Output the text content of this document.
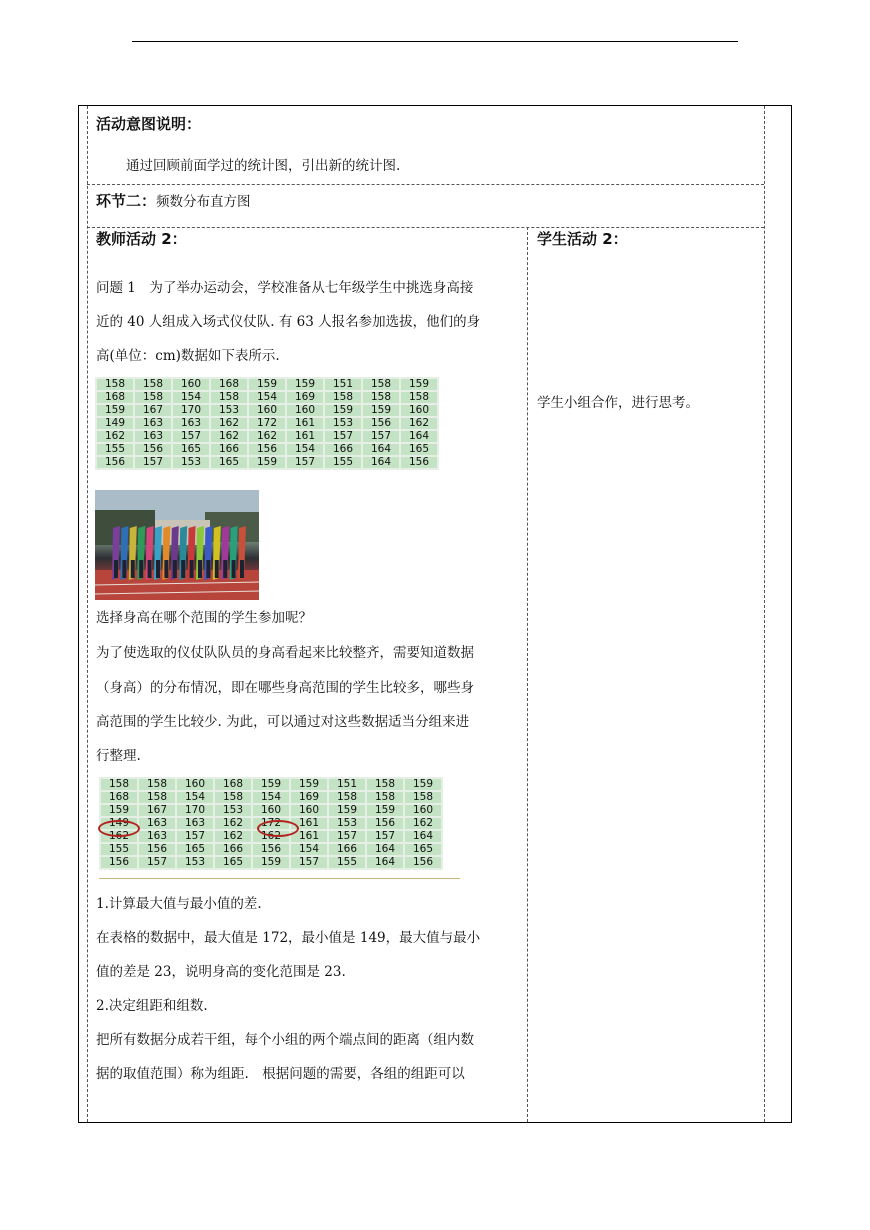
活动意图说明：
通过回顾前面学过的统计图，引出新的统计图.
环节二：频数分布直方图
教师活动 2：	学生活动 2：
问题 1　为了举办运动会，学校准备从七年级学生中挑选身高接
近的 40 人组成入场式仪仗队. 有 63 人报名参加选拔，他们的身
高(单位：cm)数据如下表所示.
158	158	160	168	159	159	151	158	159
168	158	154	158	154	169	158	158	158
159	167	170	153	160	160	159	159	160
149	163	163	162	172	161	153	156	162
162	163	157	162	162	161	157	157	164
155	156	165	166	156	154	166	164	165
156	157	153	165	159	157	155	164	156
选择身高在哪个范围的学生参加呢？
为了使选取的仪仗队队员的身高看起来比较整齐，需要知道数据
（身高）的分布情况，即在哪些身高范围的学生比较多，哪些身
高范围的学生比较少. 为此，可以通过对这些数据适当分组来进
行整理.
158	158	160	168	159	159	151	158	159
168	158	154	158	154	169	158	158	158
159	167	170	153	160	160	159	159	160
149	163	163	162	172	161	153	156	162
162	163	157	162	162	161	157	157	164
155	156	165	166	156	154	166	164	165
156	157	153	165	159	157	155	164	156
1.计算最大值与最小值的差.
在表格的数据中，最大值是 172，最小值是 149，最大值与最小
值的差是 23，说明身高的变化范围是 23.
2.决定组距和组数.
把所有数据分成若干组，每个小组的两个端点间的距离（组内数
据的取值范围）称为组距.　根据问题的需要，各组的组距可以
学生小组合作，进行思考。
